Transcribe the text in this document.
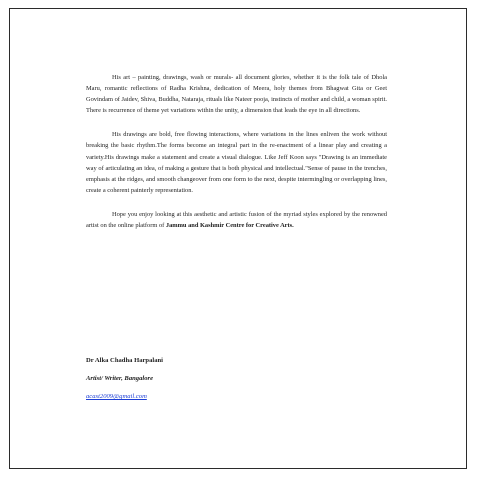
His art – painting, drawings, wash or murals- all document glories, whether it is the folk tale of Dhola Maru, romantic reflections of Radha Krishna, dedication of Meera, holy themes from Bhagwat Gita or Geet Govindam of Jaidev, Shiva, Buddha, Nataraja, rituals like Nateer pooja, instincts of mother and child, a woman spirit. There is recurrence of theme yet variations within the unity, a dimension that leads the eye in all directions.

His drawings are bold, free flowing interactions, where variations in the lines enliven the work without breaking the basic rhythm.The forms become an integral part in the re-enactment of a linear play and creating a variety.His drawings make a statement and create a visual dialogue. Like Jeff Koon says "Drawing is an immediate way of articulating an idea, of making a gesture that is both physical and intellectual."Sense of pause in the trenches, emphasis at the ridges, and smooth changeover from one form to the next, despite intermingling or overlapping lines, create a coherent painterly representation.

Hope you enjoy looking at this aesthetic and artistic fusion of the myriad styles explored by the renowned artist on the online platform of Jammu and Kashmir Centre for Creative Arts.

Dr Alka Chadha Harpalani
Artist/ Writer, Bangalore
acast2009@gmail.com
